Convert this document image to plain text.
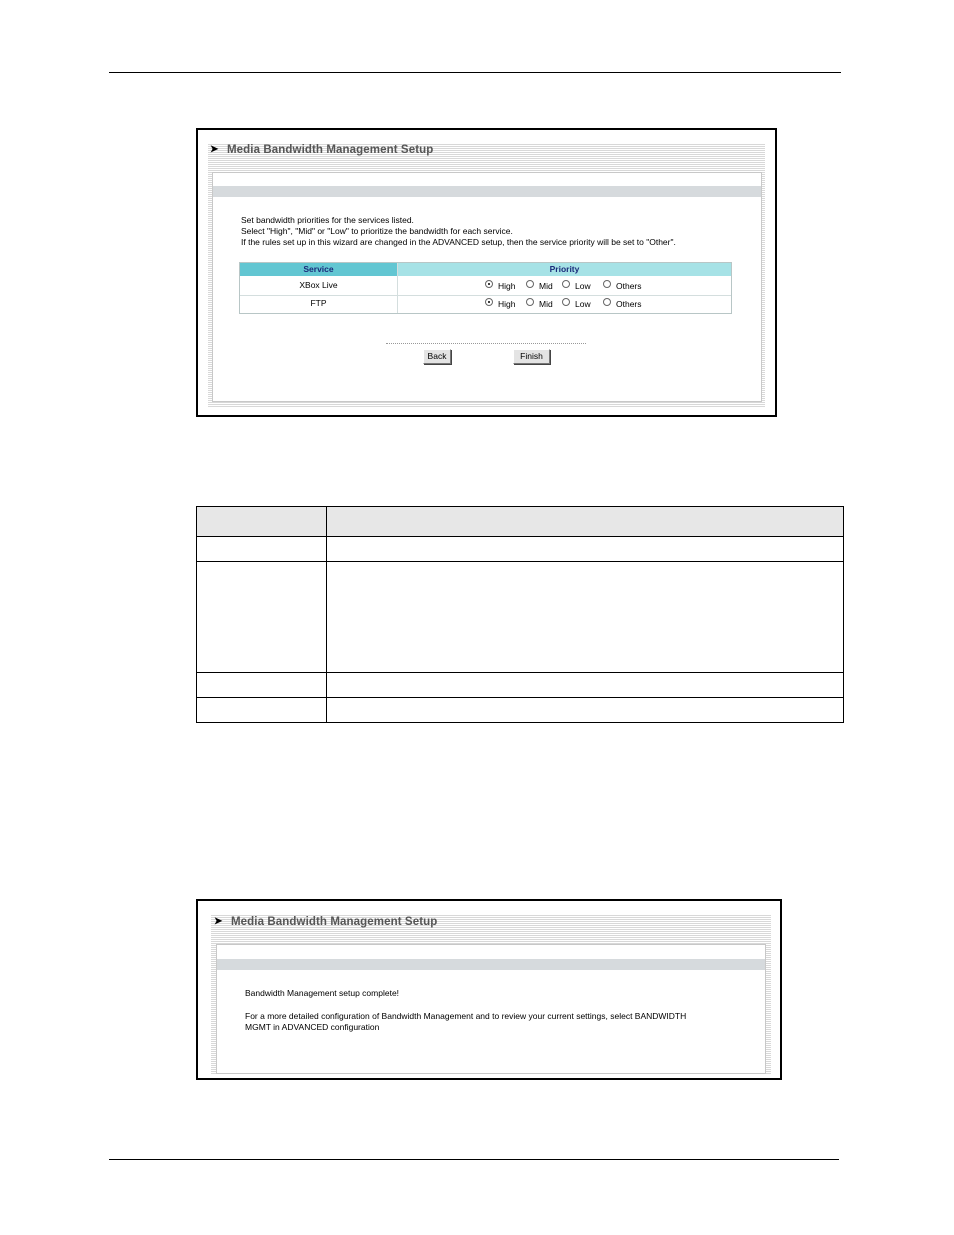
➤ Media Bandwidth Management Setup
Set bandwidth priorities for the services listed.
Select "High", "Mid" or "Low" to prioritize the bandwidth for each service.
If the rules set up in this wizard are changed in the ADVANCED setup, then the service priority will be set to "Other".
Service	Priority
XBox Live	High	Mid	Low	Others
FTP	High	Mid	Low	Others
Back	Finish
➤ Media Bandwidth Management Setup
Bandwidth Management setup complete!
For a more detailed configuration of Bandwidth Management and to review your current settings, select BANDWIDTH
MGMT in ADVANCED configuration
